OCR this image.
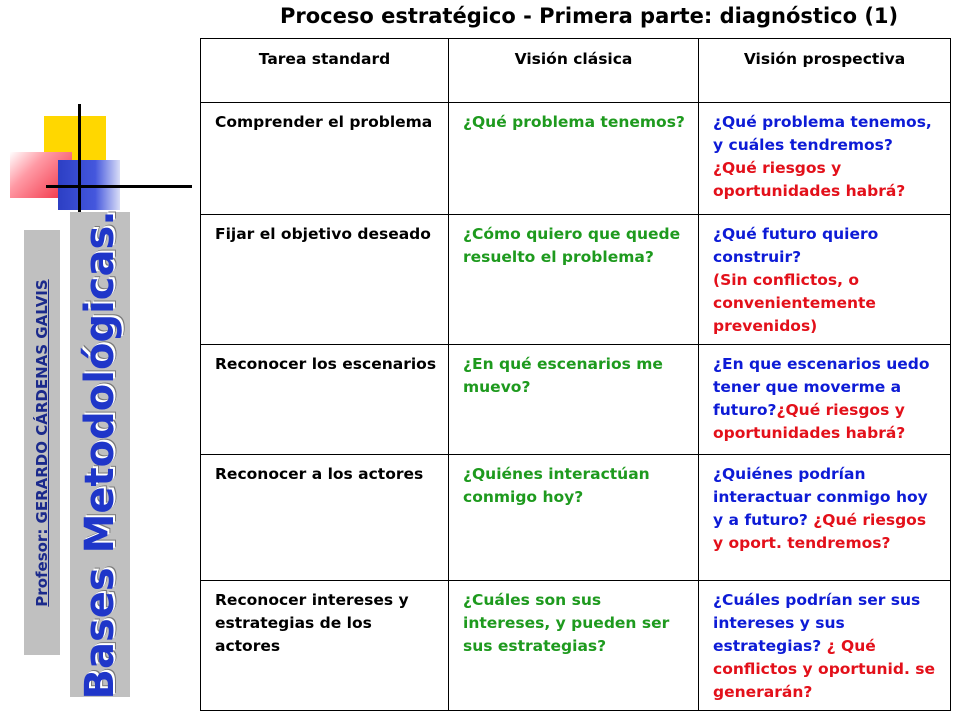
Profesor: GERARDO CÁRDENAS GALVIS Bases Metodológicas.
Proceso estratégico - Primera parte: diagnóstico (1)
Tarea standard	Visión clásica	Visión prospectiva
Comprender el problema	¿Qué problema tenemos?	¿Qué problema tenemos, y cuáles tendremos?
¿Qué riesgos y oportunidades habrá?
Fijar el objetivo deseado	¿Cómo quiero que quede resuelto el problema?	¿Qué futuro quiero construir?
(Sin conflictos, o convenientemente prevenidos)
Reconocer los escenarios	¿En qué escenarios me muevo?	¿En que escenarios uedo tener que moverme a futuro?¿Qué riesgos y oportunidades habrá?
Reconocer a los actores	¿Quiénes interactúan conmigo hoy?	¿Quiénes podrían interactuar conmigo hoy y a futuro? ¿Qué riesgos y oport. tendremos?
Reconocer intereses y estrategias de los actores	¿Cuáles son sus intereses, y pueden ser sus estrategias?	¿Cuáles podrían ser sus intereses y sus estrategias? ¿ Qué conflictos y oportunid. se generarán?
